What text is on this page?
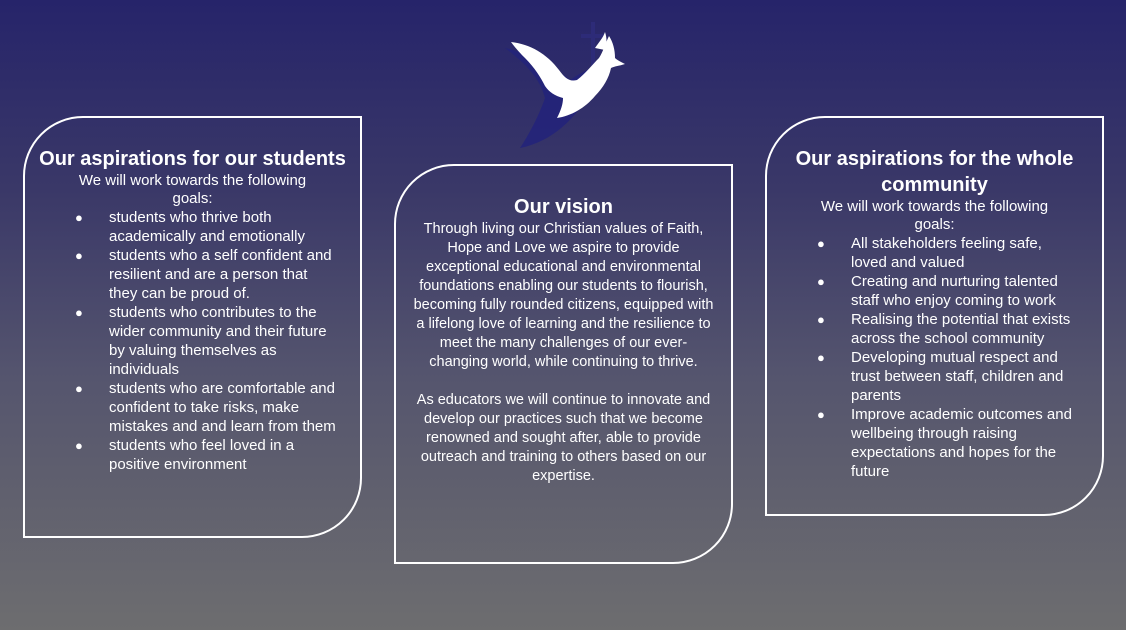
Our aspirations for our students
We will work towards the following goals:
● students who thrive both academically and emotionally
● students who a self confident and resilient and are a person that they can be proud of.
● students who contributes to the wider community and their future by valuing themselves as individuals
● students who are comfortable and confident to take risks, make mistakes and and learn from them
● students who feel loved in a positive environment
Our vision

Through living our Christian values of Faith, Hope and Love we aspire to provide exceptional educational and environmental foundations enabling our students to flourish, becoming fully rounded citizens, equipped with a lifelong love of learning and the resilience to meet the many challenges of our ever-changing world, while continuing to thrive.

As educators we will continue to innovate and develop our practices such that we become renowned and sought after, able to provide outreach and training to others based on our expertise.

Our aspirations for the whole community
We will work towards the following goals:
● All stakeholders feeling safe, loved and valued
● Creating and nurturing talented staff who enjoy coming to work
● Realising the potential that exists across the school community
● Developing mutual respect and trust between staff, children and parents
● Improve academic outcomes and wellbeing through raising expectations and hopes for the future
